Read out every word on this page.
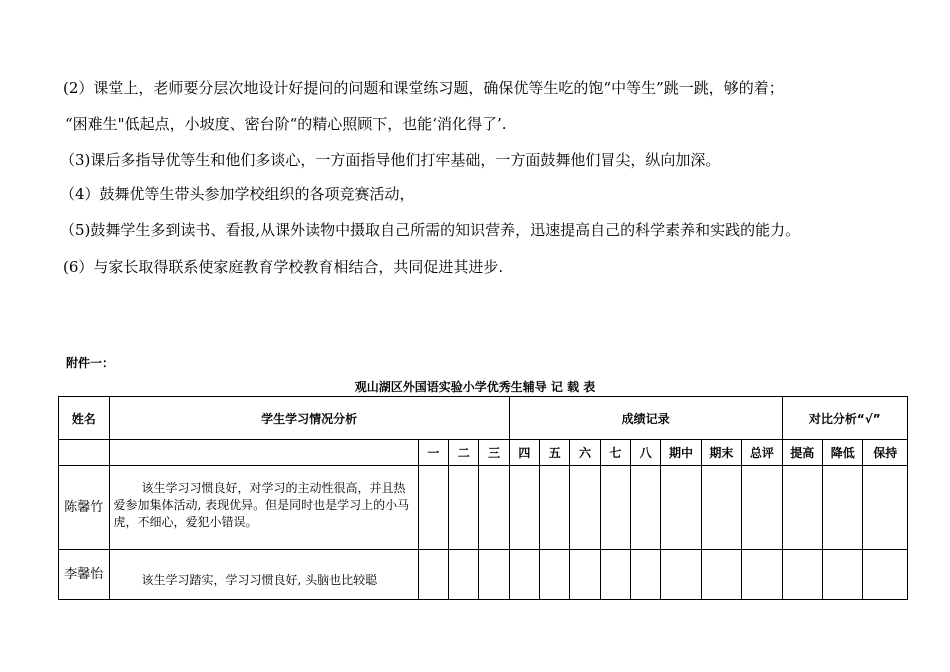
(2）课堂上，老师要分层次地设计好提问的问题和课堂练习题，确保优等生吃的饱“中等生”跳一跳，够的着；
“困难生"低起点，小坡度、密台阶“的精心照顾下，也能‘消化得了’.
（3)课后多指导优等生和他们多谈心，一方面指导他们打牢基础，一方面鼓舞他们冒尖，纵向加深。
（4）鼓舞优等生带头参加学校组织的各项竞赛活动，
（5)鼓舞学生多到读书、看报,从课外读物中摄取自己所需的知识营养，迅速提高自己的科学素养和实践的能力。
(6）与家长取得联系使家庭教育学校教育相结合，共同促进其进步.
附件一：
观山湖区外国语实验小学优秀生辅导 记 载 表
姓名	学生学习情况分析				成绩记录								对比分析“√”		
		一	二	三	四	五	六	七	八	期中	期末	总评	提高	降低	保持
陈馨竹	该生学习习惯良好，对学习的主动性很高，并且热爱参加集体活动, 表现优异。但是同时也是学习上的小马虎，不细心，爱犯小错误。														
李馨怡	该生学习踏实，学习习惯良好, 头脑也比较聪														
